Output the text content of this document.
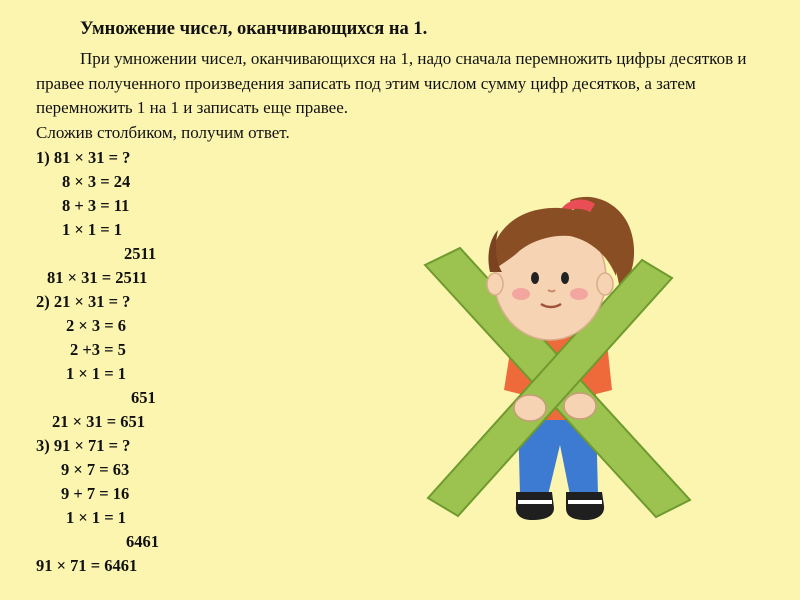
Умножение чисел, оканчивающихся на 1.

При умножении чисел, оканчивающихся на 1, надо сначала перемножить цифры десятков и правее полученного произведения записать под этим числом сумму цифр десятков, а затем перемножить 1 на 1 и записать еще правее.

Сложив столбиком, получим ответ.

1) 81 × 31 = ?
8 × 3 = 24
8 + 3 = 11
1 × 1 = 1
2511
81 × 31 = 2511
2) 21 × 31 = ?
2 × 3 = 6
2 +3 = 5
1 × 1 = 1
651
21 × 31 = 651
3) 91 × 71 = ?
9 × 7 = 63
9 + 7 = 16
1 × 1 = 1
6461
91 × 71 = 6461
